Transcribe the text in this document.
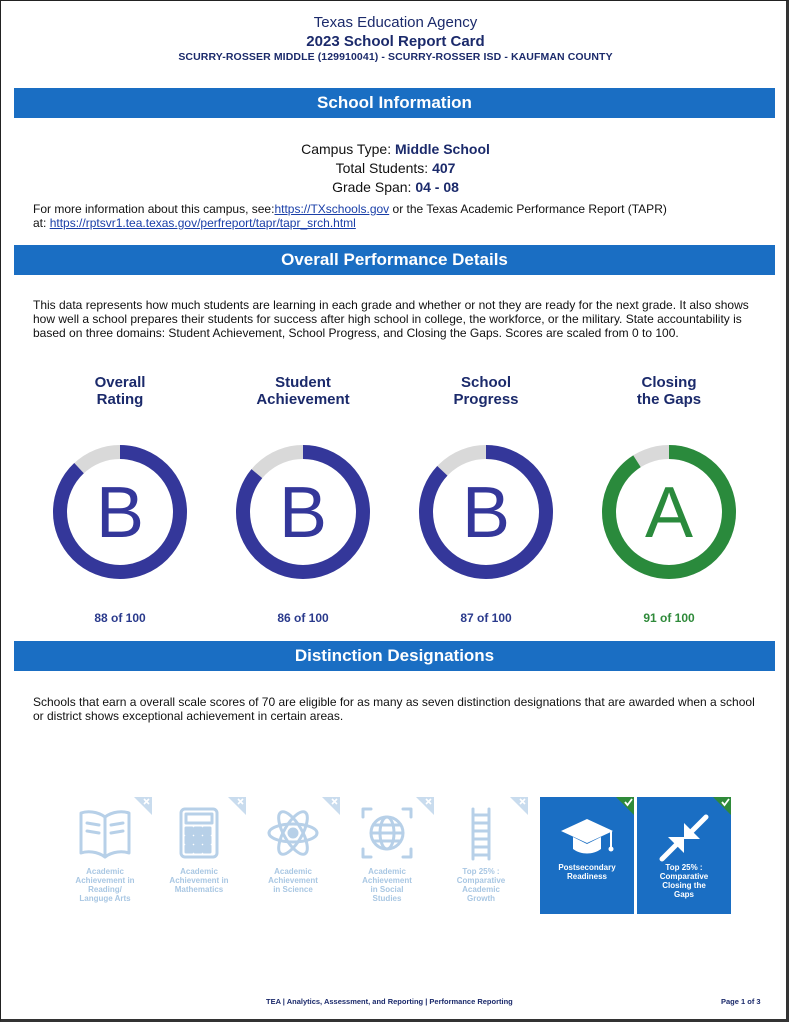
Texas Education Agency
2023 School Report Card
SCURRY-ROSSER MIDDLE (129910041) - SCURRY-ROSSER ISD - KAUFMAN COUNTY
School Information
Campus Type: Middle School
Total Students: 407
Grade Span: 04 - 08
For more information about this campus, see:https://TXschools.gov or the Texas Academic Performance Report (TAPR)
at: https://rptsvr1.tea.texas.gov/perfreport/tapr/tapr_srch.html
Overall Performance Details
This data represents how much students are learning in each grade and whether or not they are ready for the next grade. It also shows how well a school prepares their students for success after high school in college, the workforce, or the military. State accountability is based on three domains: Student Achievement, School Progress, and Closing the Gaps. Scores are scaled from 0 to 100.
Overall
Rating
B
88 of 100
Student
Achievement
B
86 of 100
School
Progress
B
87 of 100
Closing
the Gaps
A
91 of 100
Distinction Designations
Schools that earn a overall scale scores of 70 are eligible for as many as seven distinction designations that are awarded when a school or district shows exceptional achievement in certain areas.
Academic
Achievement in
Reading/
Languge Arts
Academic
Achievement in
Mathematics
Academic
Achievement
in Science
Academic
Achievement
in Social
Studies
Top 25% :
Comparative
Academic
Growth
Postsecondary
Readiness
Top 25% :
Comparative
Closing the
Gaps
TEA | Analytics, Assessment, and Reporting | Performance Reporting	Page 1 of 3
